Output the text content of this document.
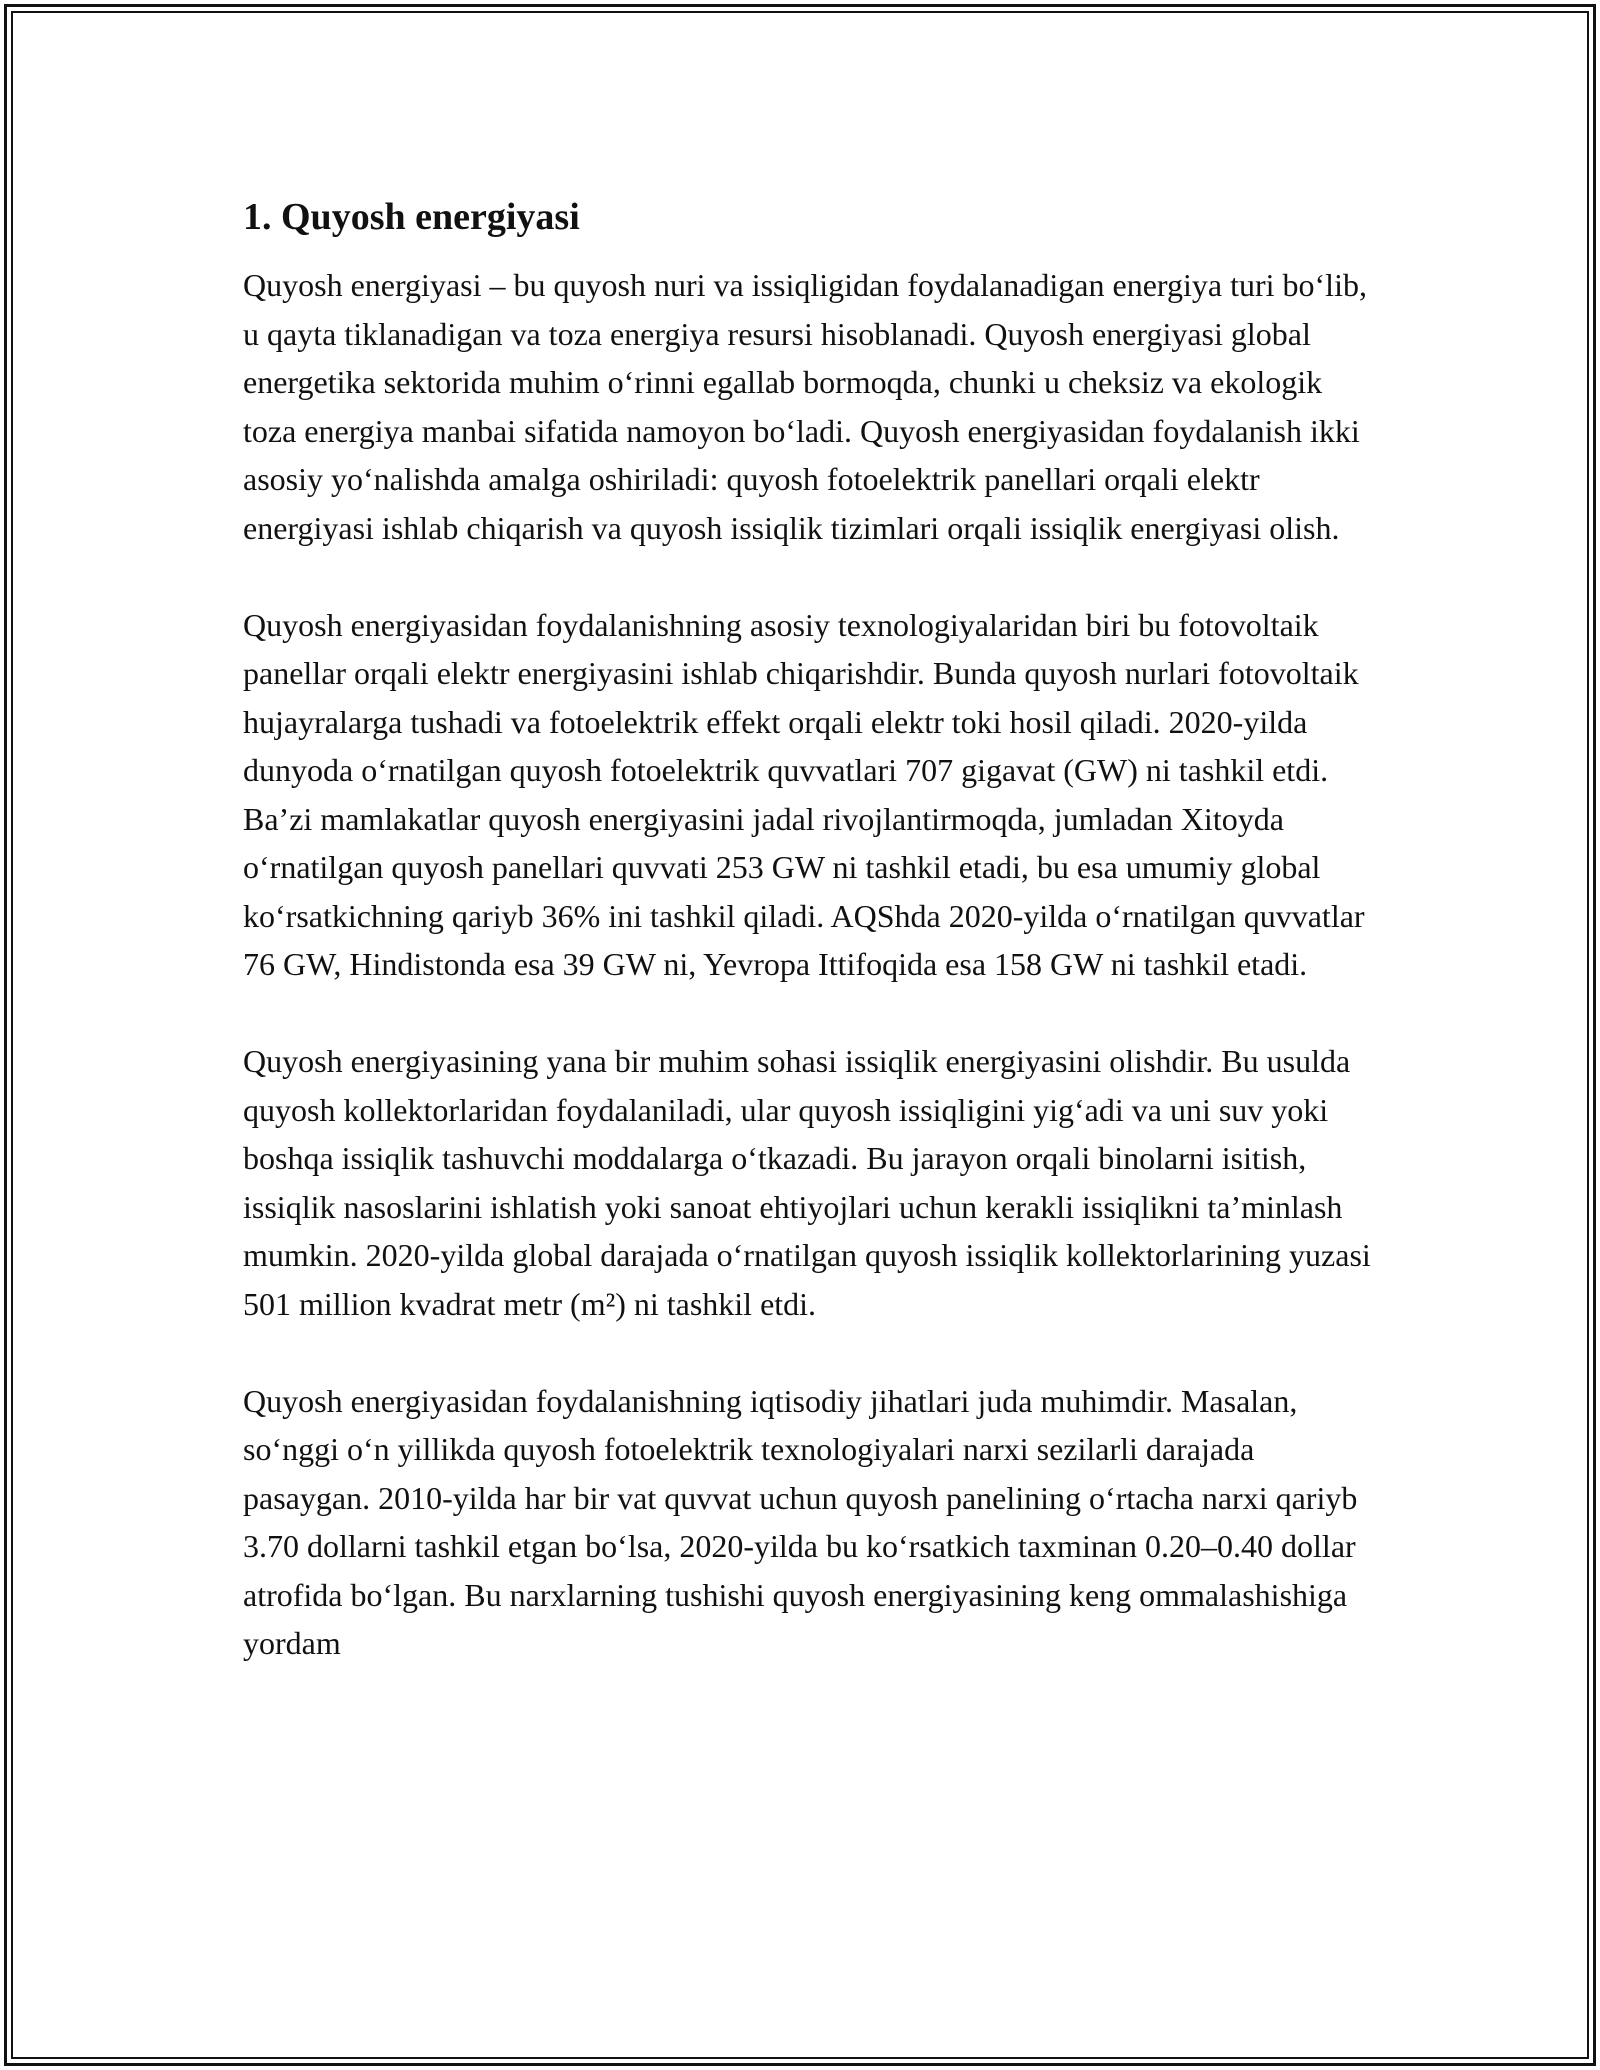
1. Quyosh energiyasi

Quyosh energiyasi – bu quyosh nuri va issiqligidan foydalanadigan energiya turi bo‘lib, u qayta tiklanadigan va toza energiya resursi hisoblanadi. Quyosh energiyasi global energetika sektorida muhim o‘rinni egallab bormoqda, chunki u cheksiz va ekologik toza energiya manbai sifatida namoyon bo‘ladi. Quyosh energiyasidan foydalanish ikki asosiy yo‘nalishda amalga oshiriladi: quyosh fotoelektrik panellari orqali elektr energiyasi ishlab chiqarish va quyosh issiqlik tizimlari orqali issiqlik energiyasi olish.

Quyosh energiyasidan foydalanishning asosiy texnologiyalaridan biri bu fotovoltaik panellar orqali elektr energiyasini ishlab chiqarishdir. Bunda quyosh nurlari fotovoltaik hujayralarga tushadi va fotoelektrik effekt orqali elektr toki hosil qiladi. 2020-yilda dunyoda o‘rnatilgan quyosh fotoelektrik quvvatlari 707 gigavat (GW) ni tashkil etdi. Ba’zi mamlakatlar quyosh energiyasini jadal rivojlantirmoqda, jumladan Xitoyda o‘rnatilgan quyosh panellari quvvati 253 GW ni tashkil etadi, bu esa umumiy global ko‘rsatkichning qariyb 36% ini tashkil qiladi. AQShda 2020-yilda o‘rnatilgan quvvatlar 76 GW, Hindistonda esa 39 GW ni, Yevropa Ittifoqida esa 158 GW ni tashkil etadi.

Quyosh energiyasining yana bir muhim sohasi issiqlik energiyasini olishdir. Bu usulda quyosh kollektorlaridan foydalaniladi, ular quyosh issiqligini yig‘adi va uni suv yoki boshqa issiqlik tashuvchi moddalarga o‘tkazadi. Bu jarayon orqali binolarni isitish, issiqlik nasoslarini ishlatish yoki sanoat ehtiyojlari uchun kerakli issiqlikni ta’minlash mumkin. 2020-yilda global darajada o‘rnatilgan quyosh issiqlik kollektorlarining yuzasi 501 million kvadrat metr (m²) ni tashkil etdi.

Quyosh energiyasidan foydalanishning iqtisodiy jihatlari juda muhimdir. Masalan, so‘nggi o‘n yillikda quyosh fotoelektrik texnologiyalari narxi sezilarli darajada pasaygan. 2010-yilda har bir vat quvvat uchun quyosh panelining o‘rtacha narxi qariyb 3.70 dollarni tashkil etgan bo‘lsa, 2020-yilda bu ko‘rsatkich taxminan 0.20–0.40 dollar atrofida bo‘lgan. Bu narxlarning tushishi quyosh energiyasining keng ommalashishiga yordam
